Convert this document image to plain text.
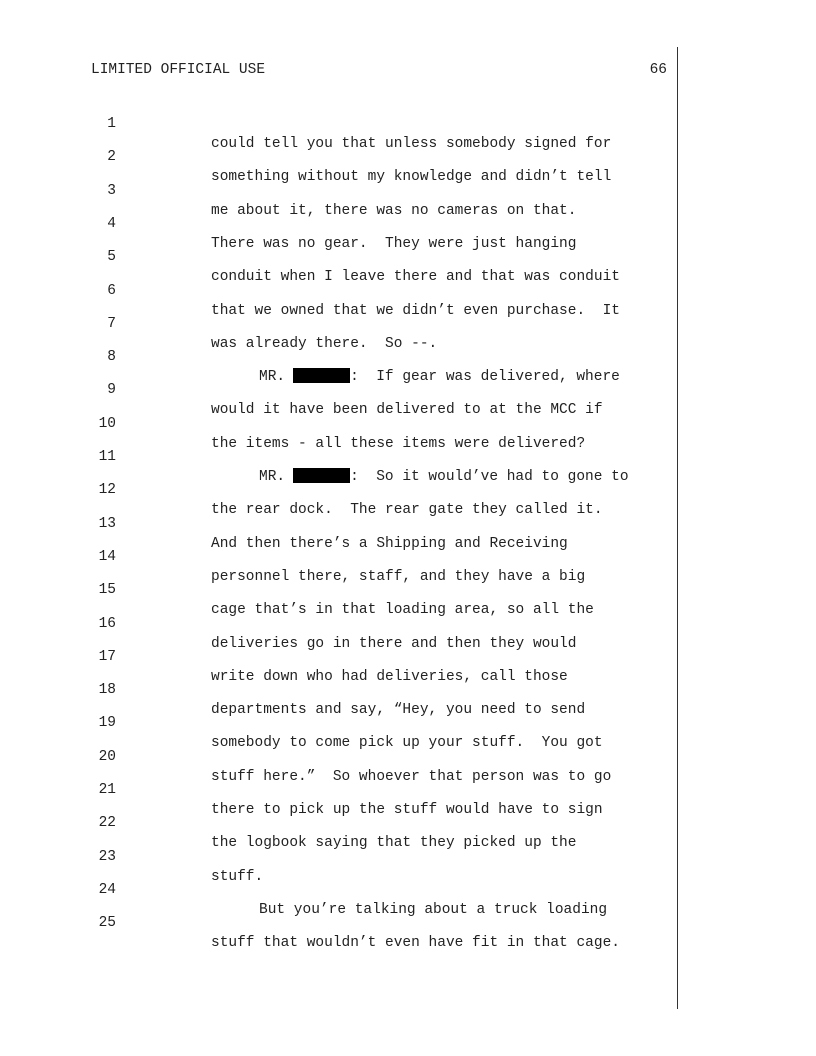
LIMITED OFFICIAL USE	66

1

could tell you that unless somebody signed for

2

something without my knowledge and didn’t tell

3

me about it, there was no cameras on that.

4

There was no gear.  They were just hanging

5

conduit when I leave there and that was conduit

6

that we owned that we didn’t even purchase.  It

7

was already there.  So --.

8

MR.	:  If gear was delivered, where

9

would it have been delivered to at the MCC if

10

the items - all these items were delivered?

11

MR.	:  So it would’ve had to gone to

12

the rear dock.  The rear gate they called it.

13

And then there’s a Shipping and Receiving

14

personnel there, staff, and they have a big

15

cage that’s in that loading area, so all the

16

deliveries go in there and then they would

17

write down who had deliveries, call those

18

departments and say, “Hey, you need to send

19

somebody to come pick up your stuff.  You got

20

stuff here.”  So whoever that person was to go

21

there to pick up the stuff would have to sign

22

the logbook saying that they picked up the

23

stuff.

24

But you’re talking about a truck loading

25

stuff that wouldn’t even have fit in that cage.
